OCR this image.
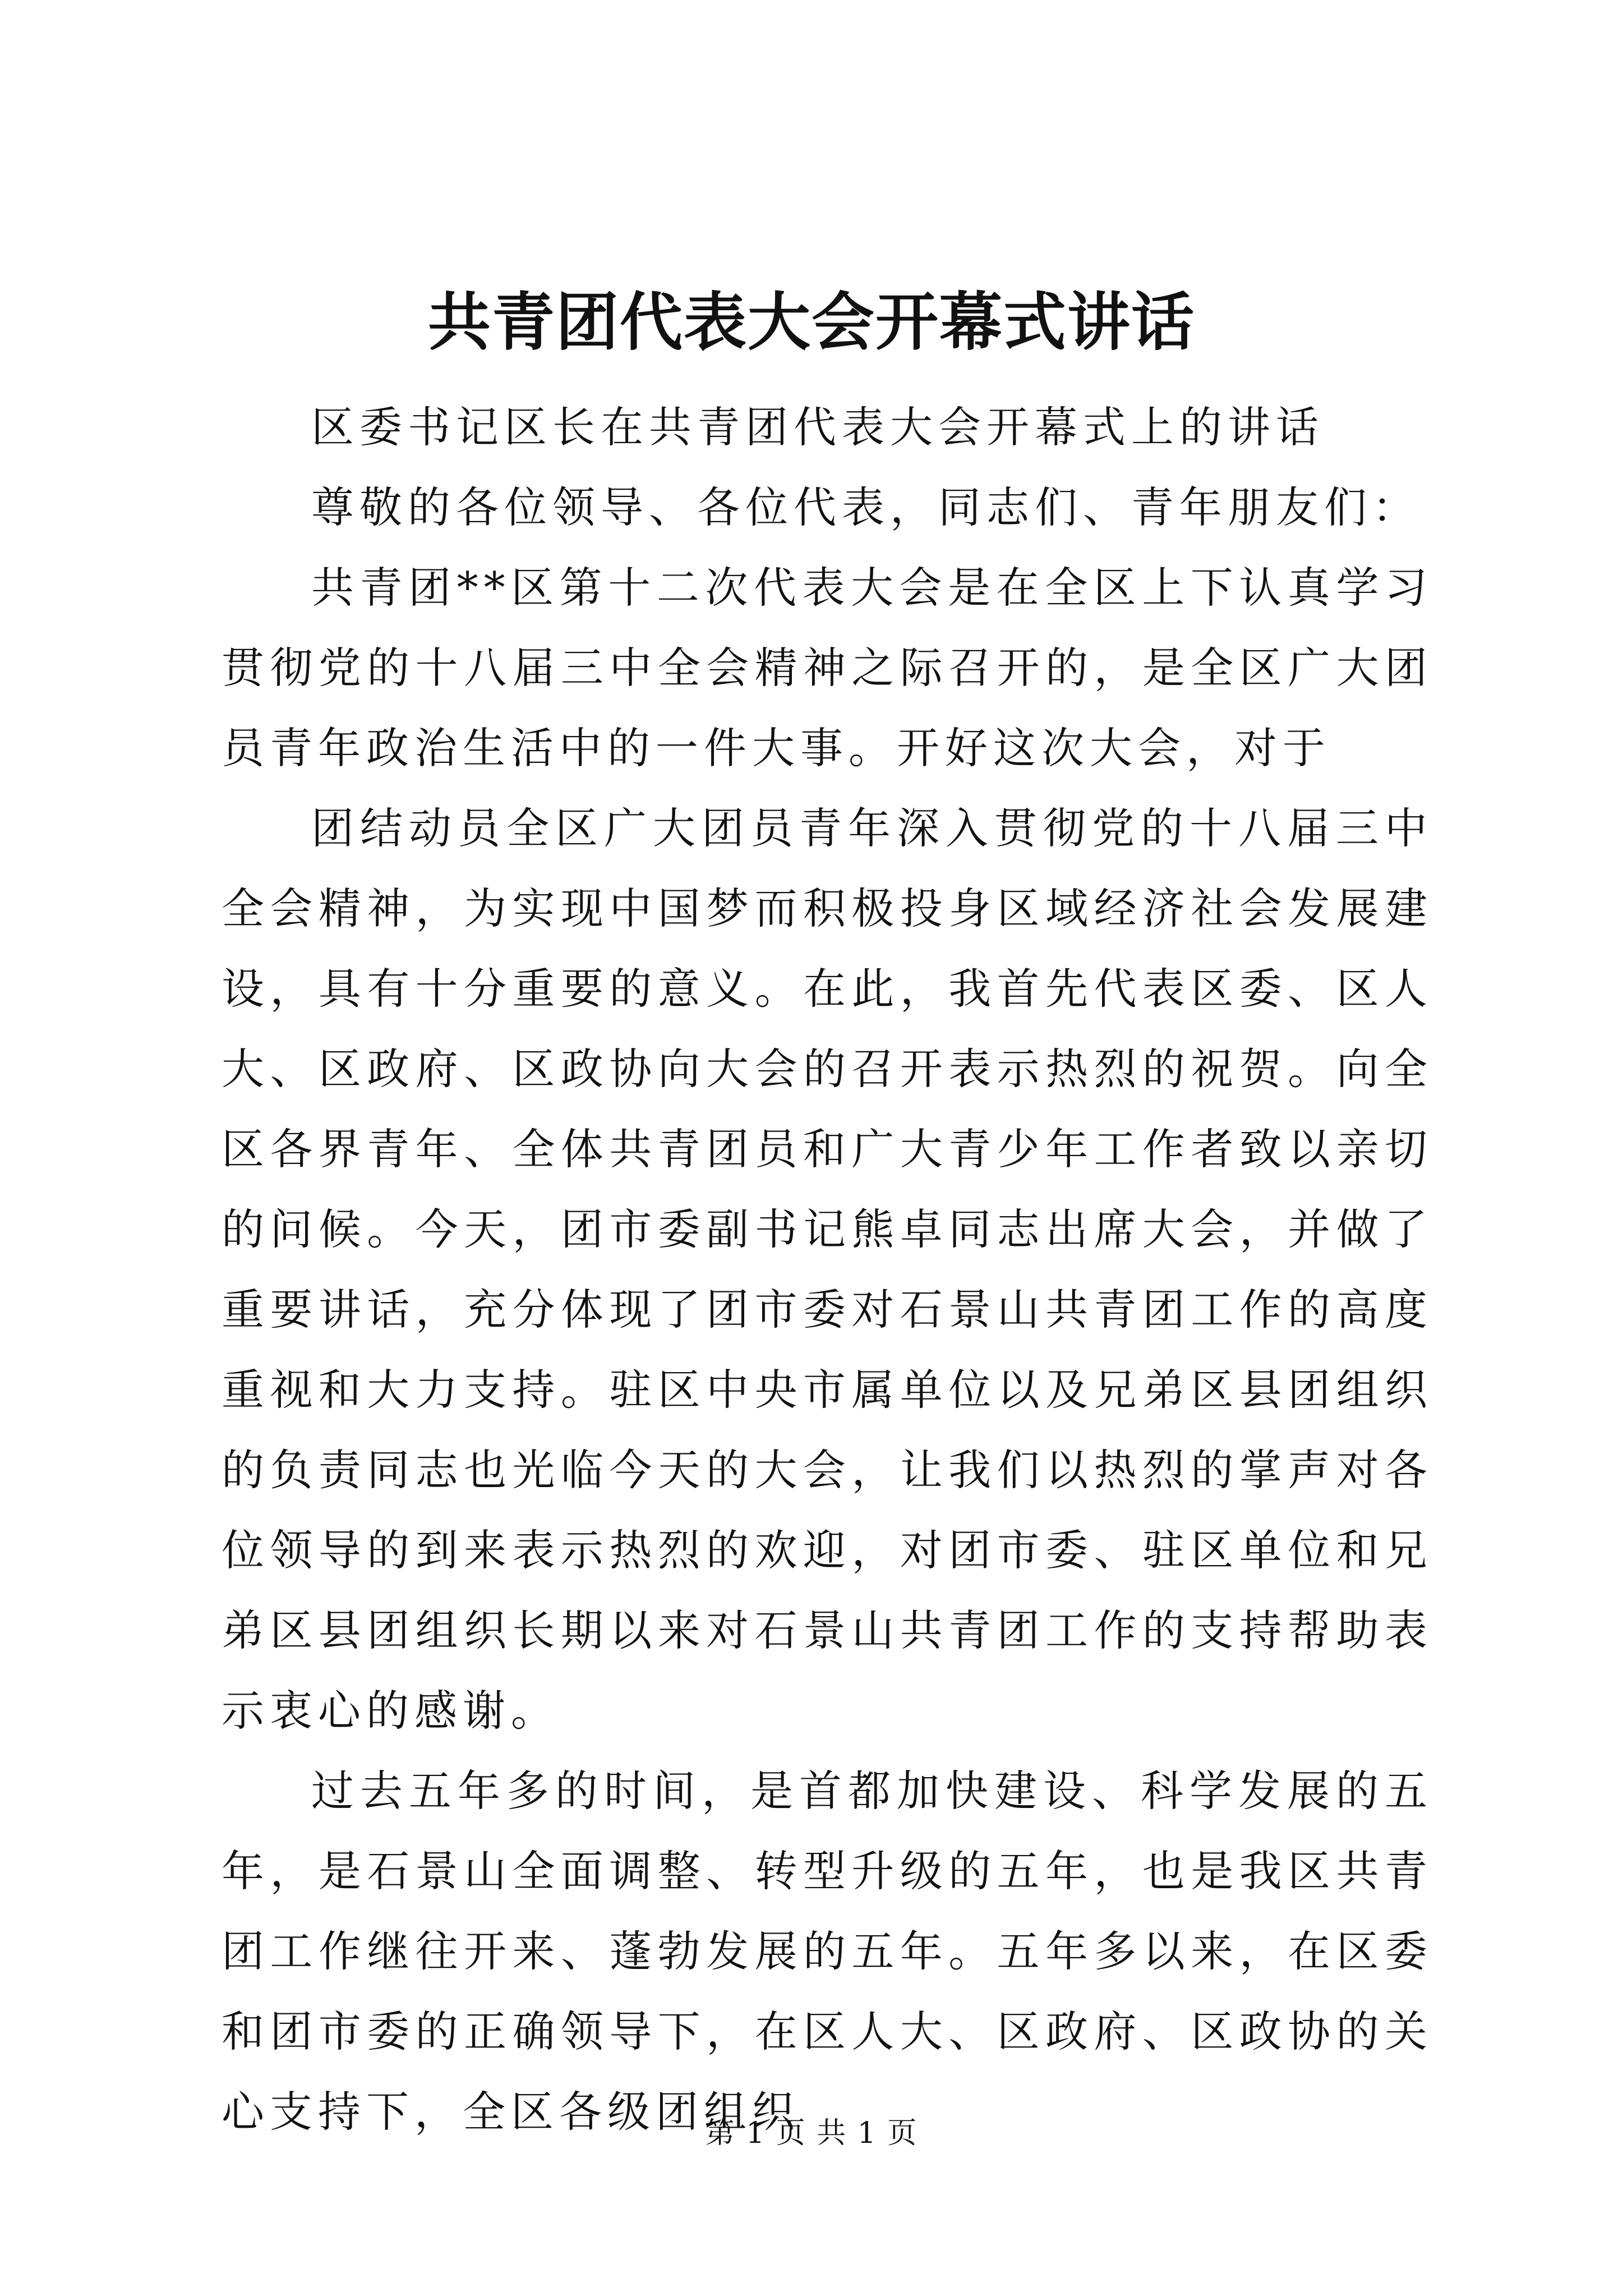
共青团代表大会开幕式讲话

区委书记区长在共青团代表大会开幕式上的讲话

尊敬的各位领导、各位代表，同志们、青年朋友们：

共青团**区第十二次代表大会是在全区上下认真学习贯彻党的十八届三中全会精神之际召开的，是全区广大团员青年政治生活中的一件大事。开好这次大会，对于

团结动员全区广大团员青年深入贯彻党的十八届三中全会精神，为实现中国梦而积极投身区域经济社会发展建设，具有十分重要的意义。在此，我首先代表区委、区人大、区政府、区政协向大会的召开表示热烈的祝贺。向全区各界青年、全体共青团员和广大青少年工作者致以亲切的问候。今天，团市委副书记熊卓同志出席大会，并做了重要讲话，充分体现了团市委对石景山共青团工作的高度重视和大力支持。驻区中央市属单位以及兄弟区县团组织的负责同志也光临今天的大会，让我们以热烈的掌声对各位领导的到来表示热烈的欢迎，对团市委、驻区单位和兄弟区县团组织长期以来对石景山共青团工作的支持帮助表示衷心的感谢。

过去五年多的时间，是首都加快建设、科学发展的五年，是石景山全面调整、转型升级的五年，也是我区共青团工作继往开来、蓬勃发展的五年。五年多以来，在区委和团市委的正确领导下，在区人大、区政府、区政协的关心支持下，全区各级团组织

第 1 页 共 1 页
